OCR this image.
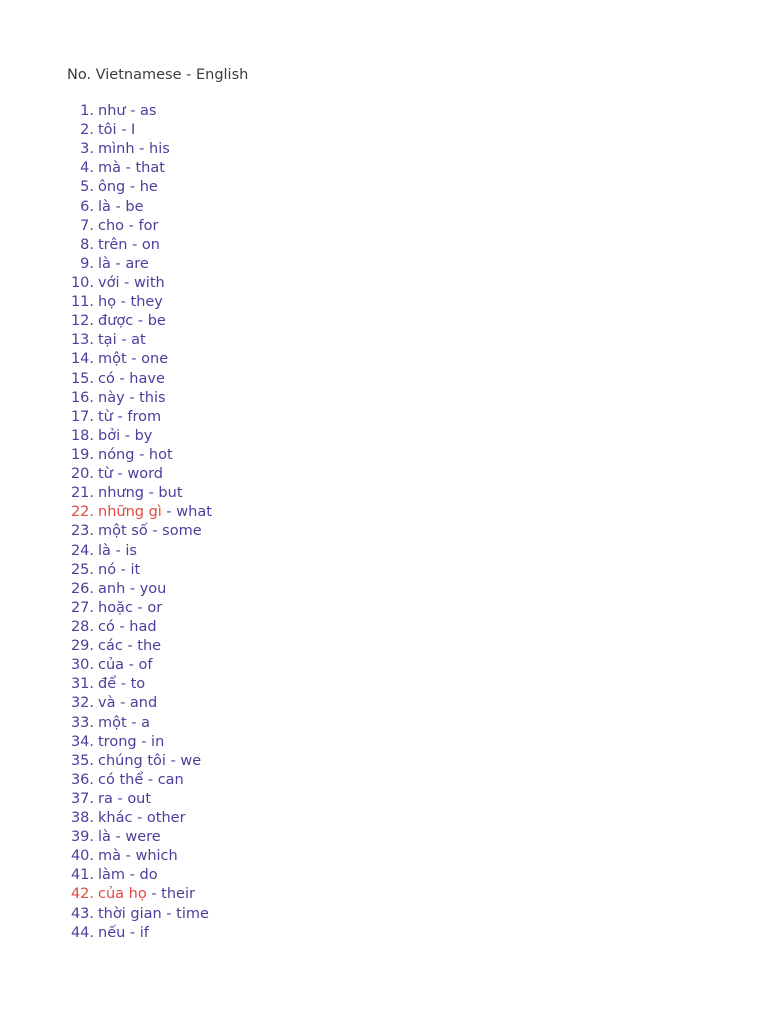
No. Vietnamese - English
1. như - as
2. tôi - I
3. mình - his
4. mà - that
5. ông - he
6. là - be
7. cho - for
8. trên - on
9. là - are
10. với - with
11. họ - they
12. được - be
13. tại - at
14. một - one
15. có - have
16. này - this
17. từ - from
18. bởi - by
19. nóng - hot
20. từ - word
21. nhưng - but
22. những gì - what
23. một số - some
24. là - is
25. nó - it
26. anh - you
27. hoặc - or
28. có - had
29. các - the
30. của - of
31. để - to
32. và - and
33. một - a
34. trong - in
35. chúng tôi - we
36. có thể - can
37. ra - out
38. khác - other
39. là - were
40. mà - which
41. làm - do
42. của họ - their
43. thời gian - time
44. nếu - if
